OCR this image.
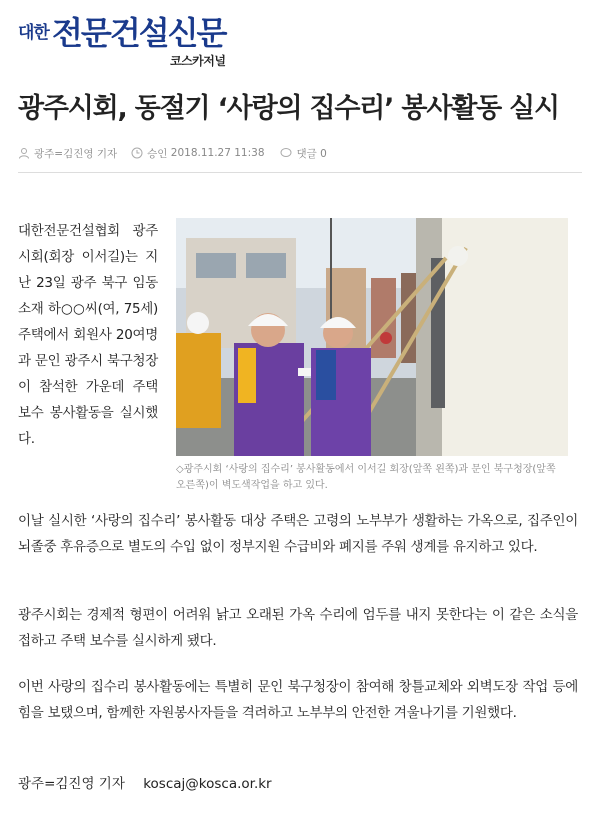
대한 전문건설신문
코스카저널
광주시회, 동절기 ‘사랑의 집수리’ 봉사활동 실시
광주=김진영 기자	승인
2018.11.27 11:38	댓글 0

대한전문건설협회 광주시회(회장 이서길)는 지난 23일 광주 북구 임동 소재 하○○씨(여, 75세) 주택에서 회원사 20여명과 문인 광주시 북구청장이 참석한 가운데 주택 보수 봉사활동을 실시했다.

◇광주시회 ‘사랑의 집수리’ 봉사활동에서 이서길 회장(앞쪽 왼쪽)과 문인 북구청장(앞쪽 오른쪽)이 벽도색작업을 하고 있다.

이날 실시한 ‘사랑의 집수리’ 봉사활동 대상 주택은 고령의 노부부가 생활하는 가옥으로, 집주인이 뇌졸중 후유증으로 별도의 수입 없이 정부지원 수급비와 폐지를 주워 생계를 유지하고 있다.

광주시회는 경제적 형편이 어려워 낡고 오래된 가옥 수리에 엄두를 내지 못한다는 이 같은 소식을 접하고 주택 보수를 실시하게 됐다.

이번 사랑의 집수리 봉사활동에는 특별히 문인 북구청장이 참여해 창틀교체와 외벽도장 작업 등에 힘을 보탰으며, 함께한 자원봉사자들을 격려하고 노부부의 안전한 겨울나기를 기원했다.

광주=김진영 기자 koscaj@kosca.or.kr
